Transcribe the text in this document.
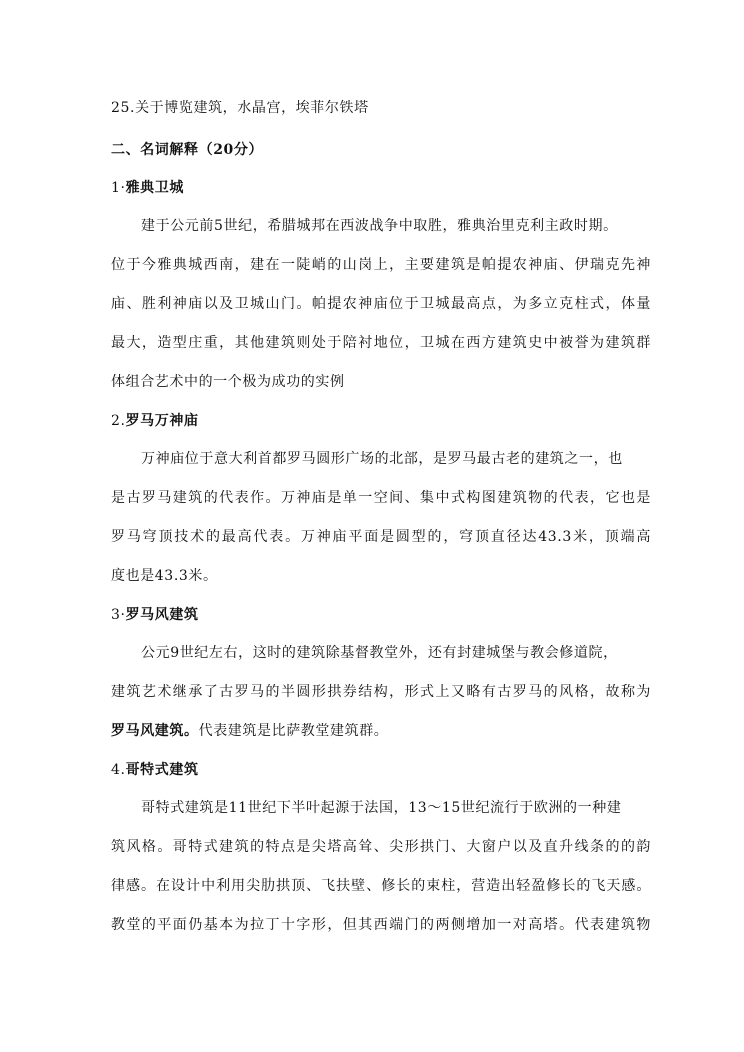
25.关于博览建筑，水晶宫，埃菲尔铁塔
二、名词解释（20分）
1·雅典卫城
建于公元前5世纪，希腊城邦在西波战争中取胜，雅典治里克利主政时期。
位于今雅典城西南，建在一陡峭的山岗上，主要建筑是帕提农神庙、伊瑞克先神
庙、胜利神庙以及卫城山门。帕提农神庙位于卫城最高点，为多立克柱式，体量
最大，造型庄重，其他建筑则处于陪衬地位，卫城在西方建筑史中被誉为建筑群
体组合艺术中的一个极为成功的实例
2.罗马万神庙
万神庙位于意大利首都罗马圆形广场的北部，是罗马最古老的建筑之一，也
是古罗马建筑的代表作。万神庙是单一空间、集中式构图建筑物的代表，它也是
罗马穹顶技术的最高代表。万神庙平面是圆型的，穹顶直径达43.3米，顶端高
度也是43.3米。
3·罗马风建筑
公元9世纪左右，这时的建筑除基督教堂外，还有封建城堡与教会修道院，
建筑艺术继承了古罗马的半圆形拱券结构，形式上又略有古罗马的风格，故称为
罗马风建筑。代表建筑是比萨教堂建筑群。
4.哥特式建筑
哥特式建筑是11世纪下半叶起源于法国，13～15世纪流行于欧洲的一种建
筑风格。哥特式建筑的特点是尖塔高耸、尖形拱门、大窗户以及直升线条的的韵
律感。在设计中利用尖肋拱顶、飞扶壁、修长的束柱，营造出轻盈修长的飞天感。
教堂的平面仍基本为拉丁十字形，但其西端门的两侧增加一对高塔。代表建筑物
